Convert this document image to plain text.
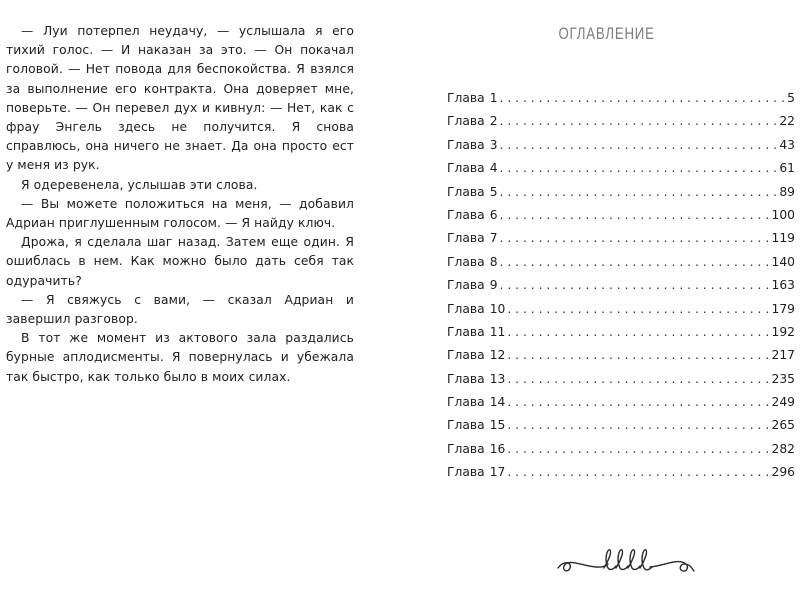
— Луи потерпел неудачу, — услышала я его тихий голос. — И наказан за это. — Он покачал головой. — Нет повода для беспокойства. Я взялся за выполнение его контракта. Она доверяет мне, поверьте. — Он перевел дух и кивнул: — Нет, как с фрау Энгель здесь не получится. Я снова справлюсь, она ничего не знает. Да она просто ест у меня из рук.

Я одеревенела, услышав эти слова.

— Вы можете положиться на меня, — добавил Адриан приглушенным голосом. — Я найду ключ.

Дрожа, я сделала шаг назад. Затем еще один. Я ошиблась в нем. Как можно было дать себя так одурачить?

— Я свяжусь с вами, — сказал Адриан и завершил разговор.

В тот же момент из актового зала раздались бурные аплодисменты. Я повернулась и убежала так быстро, как только было в моих силах.

ОГЛАВЛЕНИЕ
Глава 1 . . .	5
Глава 2 . . .	22
Глава 3 . . .	43
Глава 4 . . .	61
Глава 5 . . .	89
Глава 6 . . .	100
Глава 7 . . .	119
Глава 8 . . .	140
Глава 9 . . .	163
Глава 10 . . .	179
Глава 11 . . .	192
Глава 12 . . .	217
Глава 13 . . .	235
Глава 14 . . .	249
Глава 15 . . .	265
Глава 16 . . .	282
Глава 17 . . .	296
